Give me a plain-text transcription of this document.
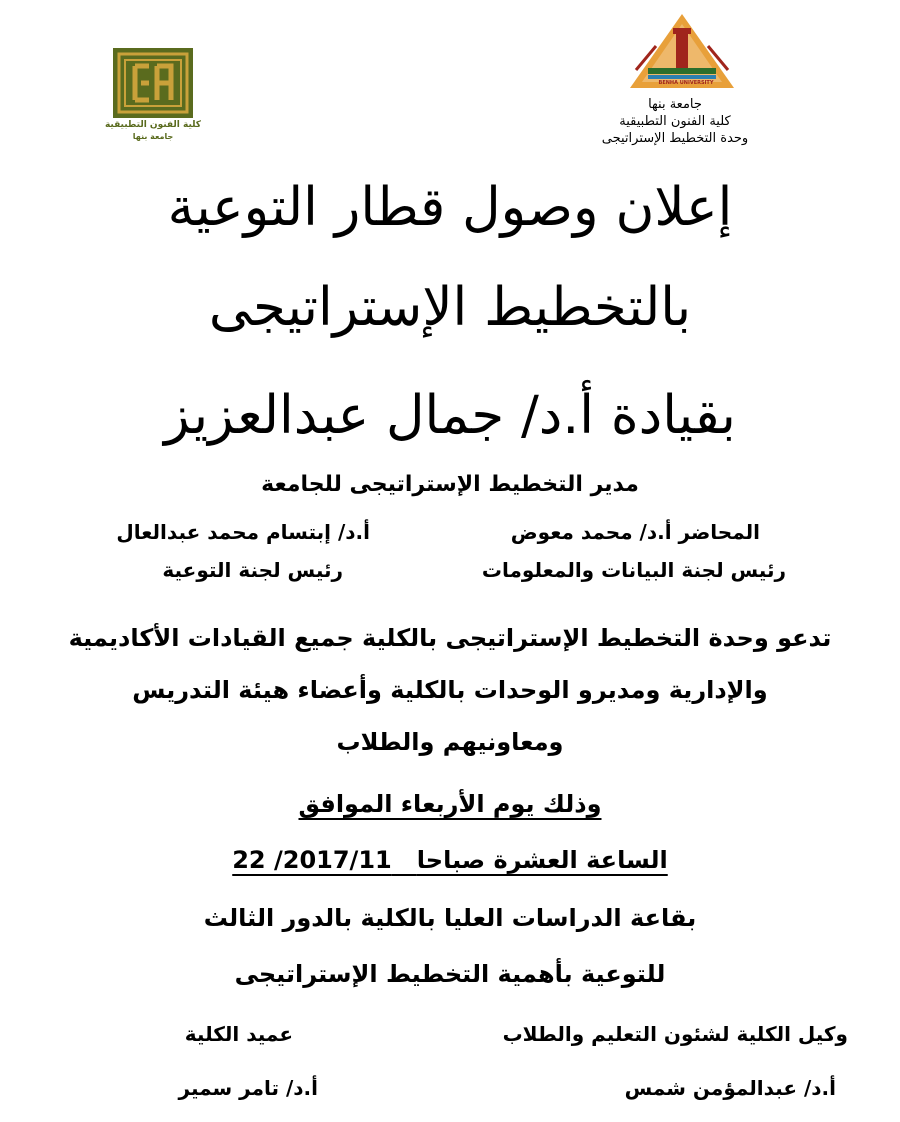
كلية الفنون التطبيقية
جامعة بنها
BENHA UNIVERSITY
جامعة بنها
كلية الفنون التطبيقية
وحدة التخطيط الإستراتيجى
إعلان وصول قطار التوعية
بالتخطيط الإستراتيجى
بقيادة أ.د/ جمال عبدالعزيز
مدير التخطيط الإستراتيجى للجامعة
المحاضر أ.د/ محمد معوض
رئيس لجنة البيانات والمعلومات
أ.د/ إبتسام محمد عبدالعال
رئيس لجنة التوعية
تدعو وحدة التخطيط الإستراتيجى بالكلية جميع القيادات الأكاديمية
والإدارية ومديرو الوحدات بالكلية وأعضاء هيئة التدريس
ومعاونيهم والطلاب
وذلك يوم الأربعاء الموافق
الساعة العشرة صباحا   22 /2017/11
بقاعة الدراسات العليا بالكلية بالدور الثالث
للتوعية بأهمية التخطيط الإستراتيجى
وكيل الكلية لشئون التعليم والطلاب
أ.د/ عبدالمؤمن شمس
عميد الكلية
أ.د/ تامر سمير
